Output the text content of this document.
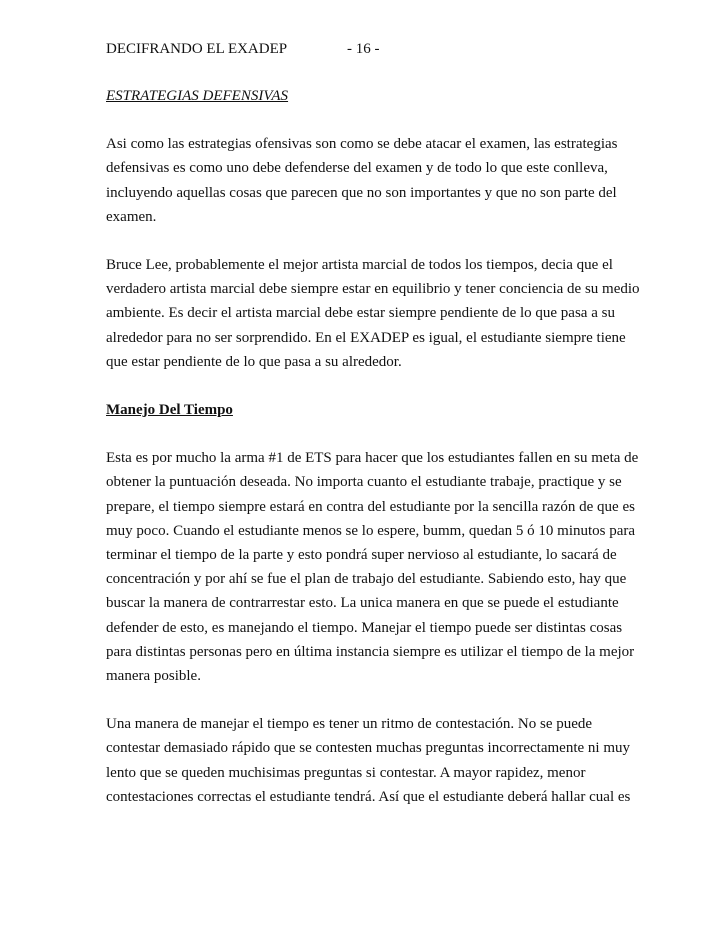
DECIFRANDO EL EXADEP	- 16 -
ESTRATEGIAS DEFENSIVAS

Asi como las estrategias ofensivas son como se debe atacar el examen, las estrategias
defensivas es como uno debe defenderse del examen y de todo lo que este conlleva,
incluyendo aquellas cosas que parecen que no son importantes y que no son parte del
examen.

Bruce Lee, probablemente el mejor artista marcial de todos los tiempos, decia que el
verdadero artista marcial debe siempre estar en equilibrio y tener conciencia de su medio
ambiente. Es decir el artista marcial debe estar siempre pendiente de lo que pasa a su
alrededor para no ser sorprendido. En el EXADEP es igual, el estudiante siempre tiene
que estar pendiente de lo que pasa a su alrededor.

Manejo Del Tiempo

Esta es por mucho la arma #1 de ETS para hacer que los estudiantes fallen en su meta de
obtener la puntuación deseada. No importa cuanto el estudiante trabaje, practique y se
prepare, el tiempo siempre estará en contra del estudiante por la sencilla razón de que es
muy poco. Cuando el estudiante menos se lo espere, bumm, quedan 5 ó 10 minutos para
terminar el tiempo de la parte y esto pondrá super nervioso al estudiante, lo sacará de
concentración y por ahí se fue el plan de trabajo del estudiante. Sabiendo esto, hay que
buscar la manera de contrarrestar esto. La unica manera en que se puede el estudiante
defender de esto, es manejando el tiempo. Manejar el tiempo puede ser distintas cosas
para distintas personas pero en última instancia siempre es utilizar el tiempo de la mejor
manera posible.

Una manera de manejar el tiempo es tener un ritmo de contestación. No se puede
contestar demasiado rápido que se contesten muchas preguntas incorrectamente ni muy
lento que se queden muchisimas preguntas si contestar. A mayor rapidez, menor
contestaciones correctas el estudiante tendrá. Así que el estudiante deberá hallar cual es
